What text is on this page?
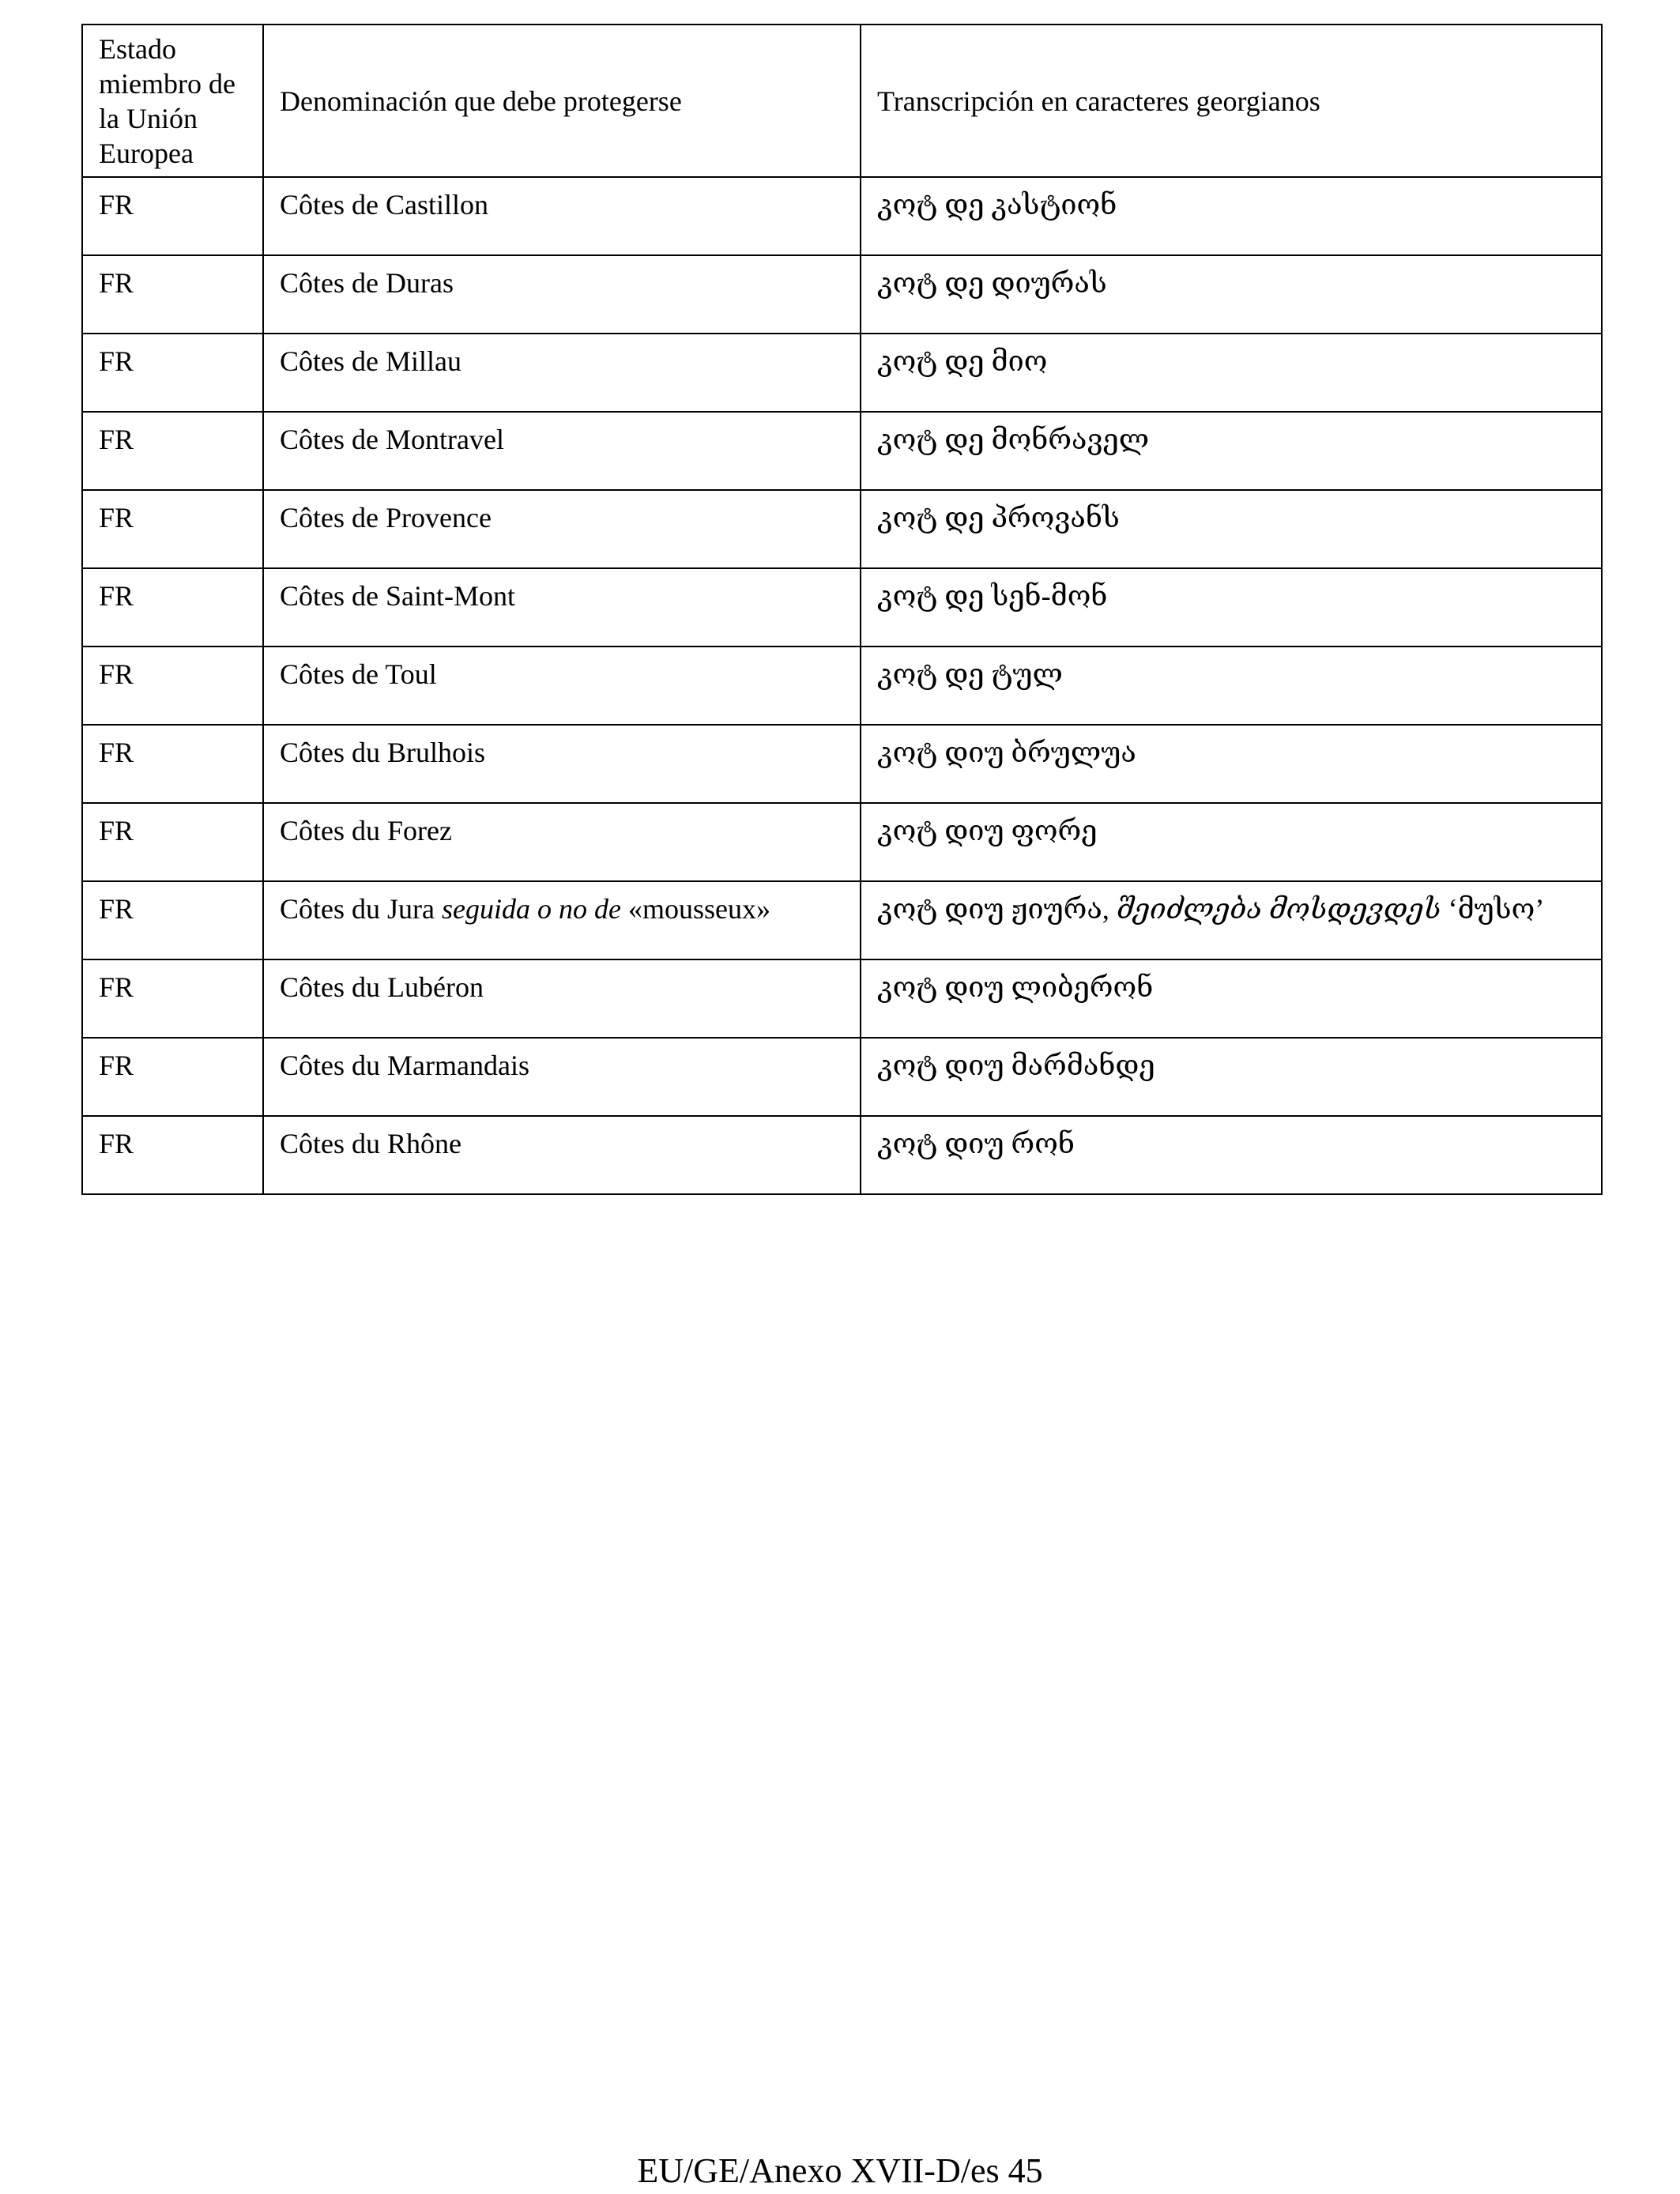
Estado miembro de la Unión Europea	Denominación que debe protegerse	Transcripción en caracteres georgianos
FR	Côtes de Castillon	კოტ დე კასტიონ
FR	Côtes de Duras	კოტ დე დიურას
FR	Côtes de Millau	კოტ დე მიო
FR	Côtes de Montravel	კოტ დე მონრაველ
FR	Côtes de Provence	კოტ დე პროვანს
FR	Côtes de Saint-Mont	კოტ დე სენ-მონ
FR	Côtes de Toul	კოტ დე ტულ
FR	Côtes du Brulhois	კოტ დიუ ბრულუა
FR	Côtes du Forez	კოტ დიუ ფორე
FR	Côtes du Jura seguida o no de «mousseux»	კოტ დიუ ჟიურა, შეიძლება მოსდევდეს ‘მუსო’
FR	Côtes du Lubéron	კოტ დიუ ლიბერონ
FR	Côtes du Marmandais	კოტ დიუ მარმანდე
FR	Côtes du Rhône	კოტ დიუ რონ
EU/GE/Anexo XVII-D/es 45
